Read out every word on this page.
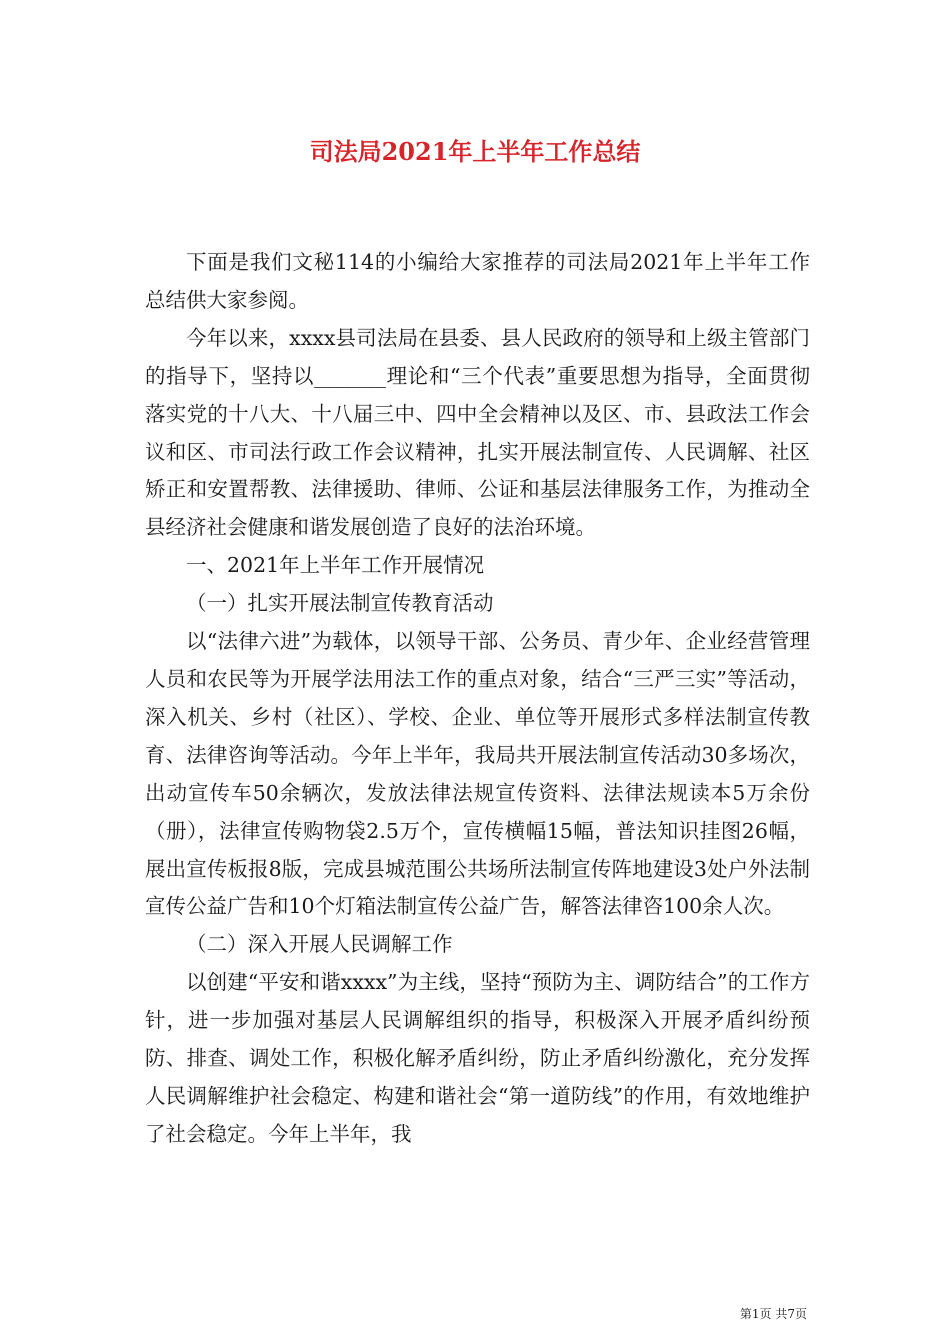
司法局2021年上半年工作总结

下面是我们文秘114的小编给大家推荐的司法局2021年上半年工作总结供大家参阅。

今年以来，xxxx县司法局在县委、县人民政府的领导和上级主管部门的指导下，坚持以_______理论和“三个代表”重要思想为指导，全面贯彻落实党的十八大、十八届三中、四中全会精神以及区、市、县政法工作会议和区、市司法行政工作会议精神，扎实开展法制宣传、人民调解、社区矫正和安置帮教、法律援助、律师、公证和基层法律服务工作，为推动全县经济社会健康和谐发展创造了良好的法治环境。

一、2021年上半年工作开展情况

（一）扎实开展法制宣传教育活动

以“法律六进”为载体，以领导干部、公务员、青少年、企业经营管理人员和农民等为开展学法用法工作的重点对象，结合“三严三实”等活动，深入机关、乡村（社区）、学校、企业、单位等开展形式多样法制宣传教育、法律咨询等活动。今年上半年，我局共开展法制宣传活动30多场次，出动宣传车50余辆次，发放法律法规宣传资料、法律法规读本5万余份（册），法律宣传购物袋2.5万个，宣传横幅15幅，普法知识挂图26幅，展出宣传板报8版，完成县城范围公共场所法制宣传阵地建设3处户外法制宣传公益广告和10个灯箱法制宣传公益广告，解答法律咨100余人次。

（二）深入开展人民调解工作

以创建“平安和谐xxxx”为主线，坚持“预防为主、调防结合”的工作方针，进一步加强对基层人民调解组织的指导，积极深入开展矛盾纠纷预防、排查、调处工作，积极化解矛盾纠纷，防止矛盾纠纷激化，充分发挥人民调解维护社会稳定、构建和谐社会“第一道防线”的作用，有效地维护了社会稳定。今年上半年，我

第1页 共7页
